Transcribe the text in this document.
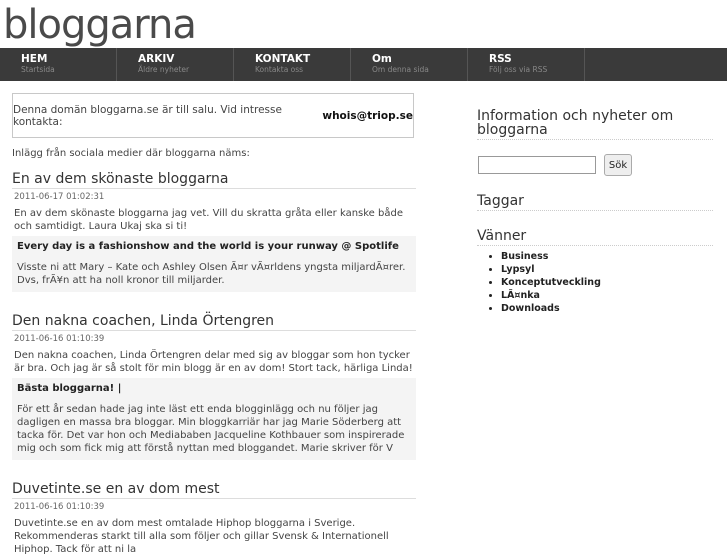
bloggarna
HEM
Startsida
ARKIV
Äldre nyheter
KONTAKT
Kontakta oss
Om
Om denna sida
RSS
Följ oss via RSS
Denna domän bloggarna.se är till salu. Vid intresse kontakta:	whois@triop.se
Inlägg från sociala medier där bloggarna näms:
En av dem skönaste bloggarna
2011-06-17 01:02:31
En av dem skönaste bloggarna jag vet. Vill du skratta gråta eller kanske både och samtidigt. Laura Ukaj ska si ti!
Every day is a fashionshow and the world is your runway @ Spotlife
Visste ni att Mary – Kate och Ashley Olsen Ã¤r vÃ¤rldens yngsta miljardÃ¤rer. Dvs, frÃ¥n att ha noll kronor till miljarder.
Den nakna coachen, Linda Örtengren
2011-06-16 01:10:39
Den nakna coachen, Linda Örtengren delar med sig av bloggar som hon tycker är bra. Och jag är så stolt för min blogg är en av dom! Stort tack, härliga Linda!
Bästa bloggarna! |
För ett år sedan hade jag inte läst ett enda blogginlägg och nu följer jag dagligen en massa bra bloggar. Min bloggkarriär har jag Marie Söderberg att tacka för. Det var hon och Mediababen Jacqueline Kothbauer som inspirerade mig och som fick mig att förstå nyttan med bloggandet. Marie skriver för V
Duvetinte.se en av dom mest
2011-06-16 01:10:39
Duvetinte.se en av dom mest omtalade Hiphop bloggarna i Sverige. Rekommenderas starkt till alla som följer och gillar Svensk & Internationell Hiphop. Tack för att ni la
Information och nyheter om bloggarna
Sök
Taggar
Vänner
• Business
• Lypsyl
• Konceptutveckling
• LÃ¤nka
• Downloads
